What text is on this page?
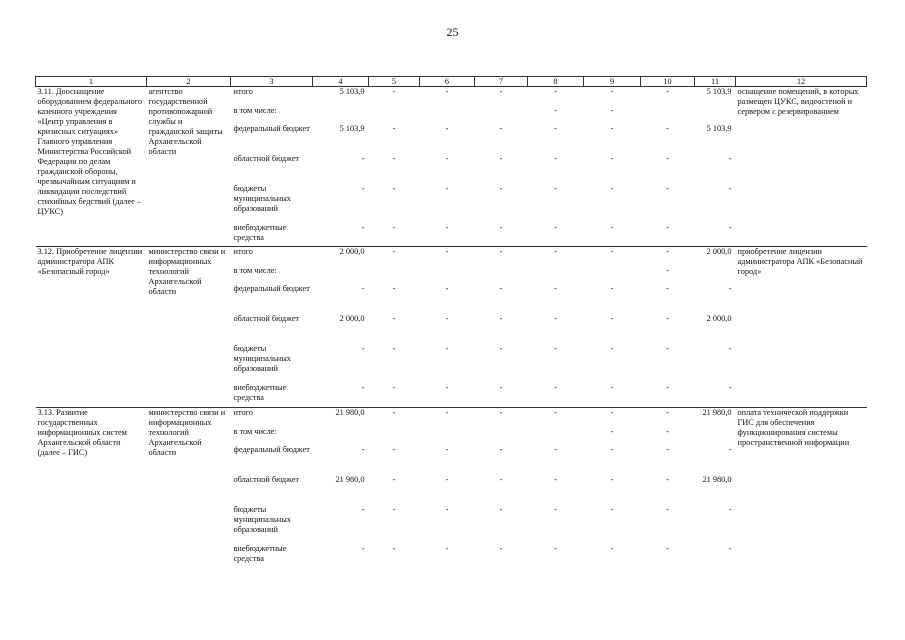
25
1	2	3	4	5	6	7	8	9	10	11	12
3.11. Дооснащение оборудованием федерального казенного учреждения «Центр управления в кризисных ситуациях» Главного управления Министерства Российской Федерации по делам гражданской обороны, чрезвычайным ситуациям и ликвидации последствий стихийных бедствий (далее – ЦУКС)	агентство государственной противопожарной службы и гражданской защиты Архангельской области	итого	5 103,9	-	-	-	-	-	-	5 103,9	оснащение помещений, в которых размещен ЦУКС, видеостеной и сервером с резервированием
		в том числе:					-	-			
		федеральный бюджет	5 103,9	-	-	-	-	-	-	5 103,9	
		областной бюджет	-	-	-	-	-	-	-	-	
		бюджеты муниципальных образований	-	-	-	-	-	-	-	-	
		внебюджетные средства	-	-	-	-	-	-	-	-	

3.12. Приобретение лицензии администратора АПК «Безопасный город»	министерство связи и информационных технологий Архангельской области	итого	2 000,0	-	-	-	-	-	-	2 000,0	приобретение лицензии администратора АПК «Безопасный город»
		в том числе:							-		
		федеральный бюджет	-	-	-	-	-	-	-	-	
		областной бюджет	2 000,0	-	-	-	-	-	-	2 000,0	
		бюджеты муниципальных образований	-	-	-	-	-	-	-	-	
		внебюджетные средства	-	-	-	-	-	-	-	-	

3.13. Развитие государственных информационных систем Архангельской области (далее – ГИС)	министерство связи и информационных технологий Архангельской области	итого	21 980,0	-	-	-	-	-	-	21 980,0	оплата технической поддержки ГИС для обеспечения функционирования системы пространственной информации
		в том числе:						-	-		
		федеральный бюджет	-	-	-	-	-	-	-	-	
		областной бюджет	21 980,0	-	-	-	-	-	-	21 980,0	
		бюджеты муниципальных образований	-	-	-	-	-	-	-	-	
		внебюджетные средства	-	-	-	-	-	-	-	-	
